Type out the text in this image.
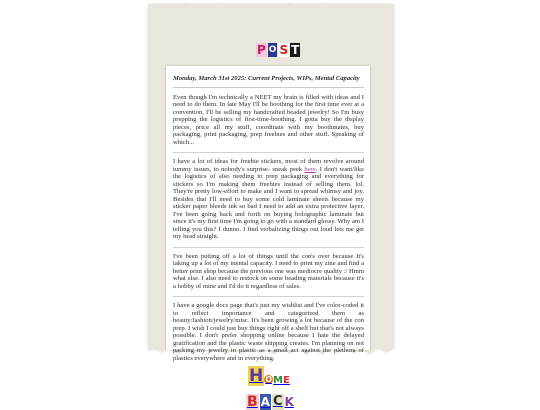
P O S T
Monday, March 31st 2025: Current Projects, WIPs, Mental Capacity

Even though I'm technically a NEET my brain is filled with ideas and I need to do them. In late May I'll be boothing for the first time ever at a convention, I'll be selling my handcrafted beaded jewelry! So I'm busy prepping the logistics of first-time-boothing. I gotta buy the display pieces, price all my stuff, coordinate with my boothmates, buy packaging, print packaging, prep freebies and other stuff. Speaking of which...

I have a lot of ideas for freebie stickers, most of them revolve around tummy issues, to nobody's surprise- sneak peek here. I don't want/like the logistics of also needing to prep packaging and everything for stickers so I'm making them freebies instead of selling them. lol. They're pretty low-effort to make and I want to spread whimsy and joy. Besides that I'll need to buy some cold laminate sheets because my sticker paper bleeds ink so bad I need to add an extra protective layer. I've been going back and forth on buying holographic laminate but since it's my first time I'm going to go with a standard glossy. Why am I telling you this? I dunno. I find verbalizing things out loud lets me get my head straight.

I've been putting off a lot of things until the con's over because It's taking up a lot of my mental capacity. I need to print my zine and find a better print shop because the previous one was mediocre quality :/ Hmm what else. I also need to restock on some beading materials because it's a hobby of mine and I'd do it regardless of sales.

I have a google docs page that's just my wishlist and I've color-coded it to reflect importance and categorized them as beauty/fashion/jewelry/misc. It's been growing a lot because of the con prep. I wish I could just buy things right off a shelf but that's not always possible. I don't prefer shopping online because I hate the delayed gratification and the plastic waste shipping creates. I'm planning on not packing my jewelry in plastic as a small act against the plethora of plastics everywhere and in everything.

H O M E
B A C K
